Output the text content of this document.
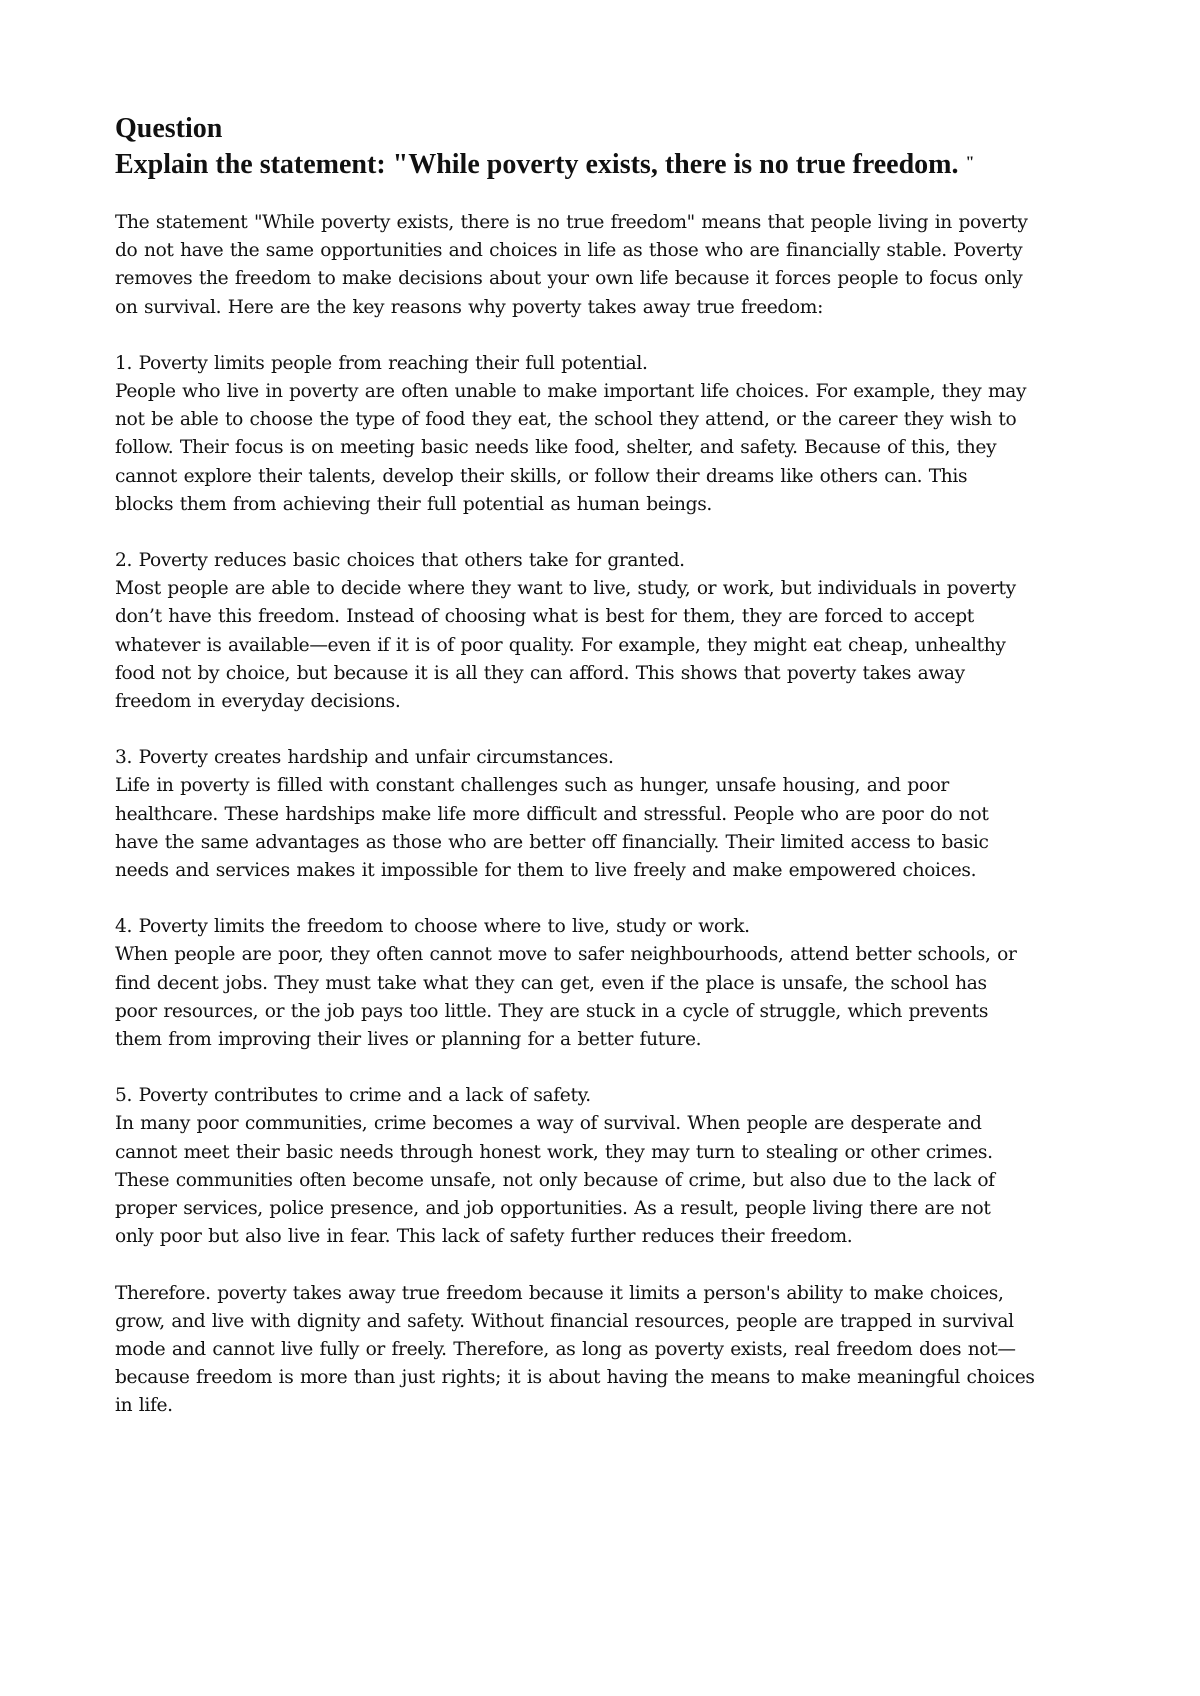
Question
Explain the statement: "While poverty exists, there is no true freedom. "

The statement "While poverty exists, there is no true freedom" means that people living in poverty
do not have the same opportunities and choices in life as those who are financially stable. Poverty
removes the freedom to make decisions about your own life because it forces people to focus only
on survival. Here are the key reasons why poverty takes away true freedom:

1. Poverty limits people from reaching their full potential.
People who live in poverty are often unable to make important life choices. For example, they may
not be able to choose the type of food they eat, the school they attend, or the career they wish to
follow. Their focus is on meeting basic needs like food, shelter, and safety. Because of this, they
cannot explore their talents, develop their skills, or follow their dreams like others can. This
blocks them from achieving their full potential as human beings.
2. Poverty reduces basic choices that others take for granted.
Most people are able to decide where they want to live, study, or work, but individuals in poverty
don’t have this freedom. Instead of choosing what is best for them, they are forced to accept
whatever is available—even if it is of poor quality. For example, they might eat cheap, unhealthy
food not by choice, but because it is all they can afford. This shows that poverty takes away
freedom in everyday decisions.
3. Poverty creates hardship and unfair circumstances.
Life in poverty is filled with constant challenges such as hunger, unsafe housing, and poor
healthcare. These hardships make life more difficult and stressful. People who are poor do not
have the same advantages as those who are better off financially. Their limited access to basic
needs and services makes it impossible for them to live freely and make empowered choices.
4. Poverty limits the freedom to choose where to live, study or work.
When people are poor, they often cannot move to safer neighbourhoods, attend better schools, or
find decent jobs. They must take what they can get, even if the place is unsafe, the school has
poor resources, or the job pays too little. They are stuck in a cycle of struggle, which prevents
them from improving their lives or planning for a better future.
5. Poverty contributes to crime and a lack of safety.
In many poor communities, crime becomes a way of survival. When people are desperate and
cannot meet their basic needs through honest work, they may turn to stealing or other crimes.
These communities often become unsafe, not only because of crime, but also due to the lack of
proper services, police presence, and job opportunities. As a result, people living there are not
only poor but also live in fear. This lack of safety further reduces their freedom.

Therefore. poverty takes away true freedom because it limits a person's ability to make choices,
grow, and live with dignity and safety. Without financial resources, people are trapped in survival
mode and cannot live fully or freely. Therefore, as long as poverty exists, real freedom does not—
because freedom is more than just rights; it is about having the means to make meaningful choices
in life.
